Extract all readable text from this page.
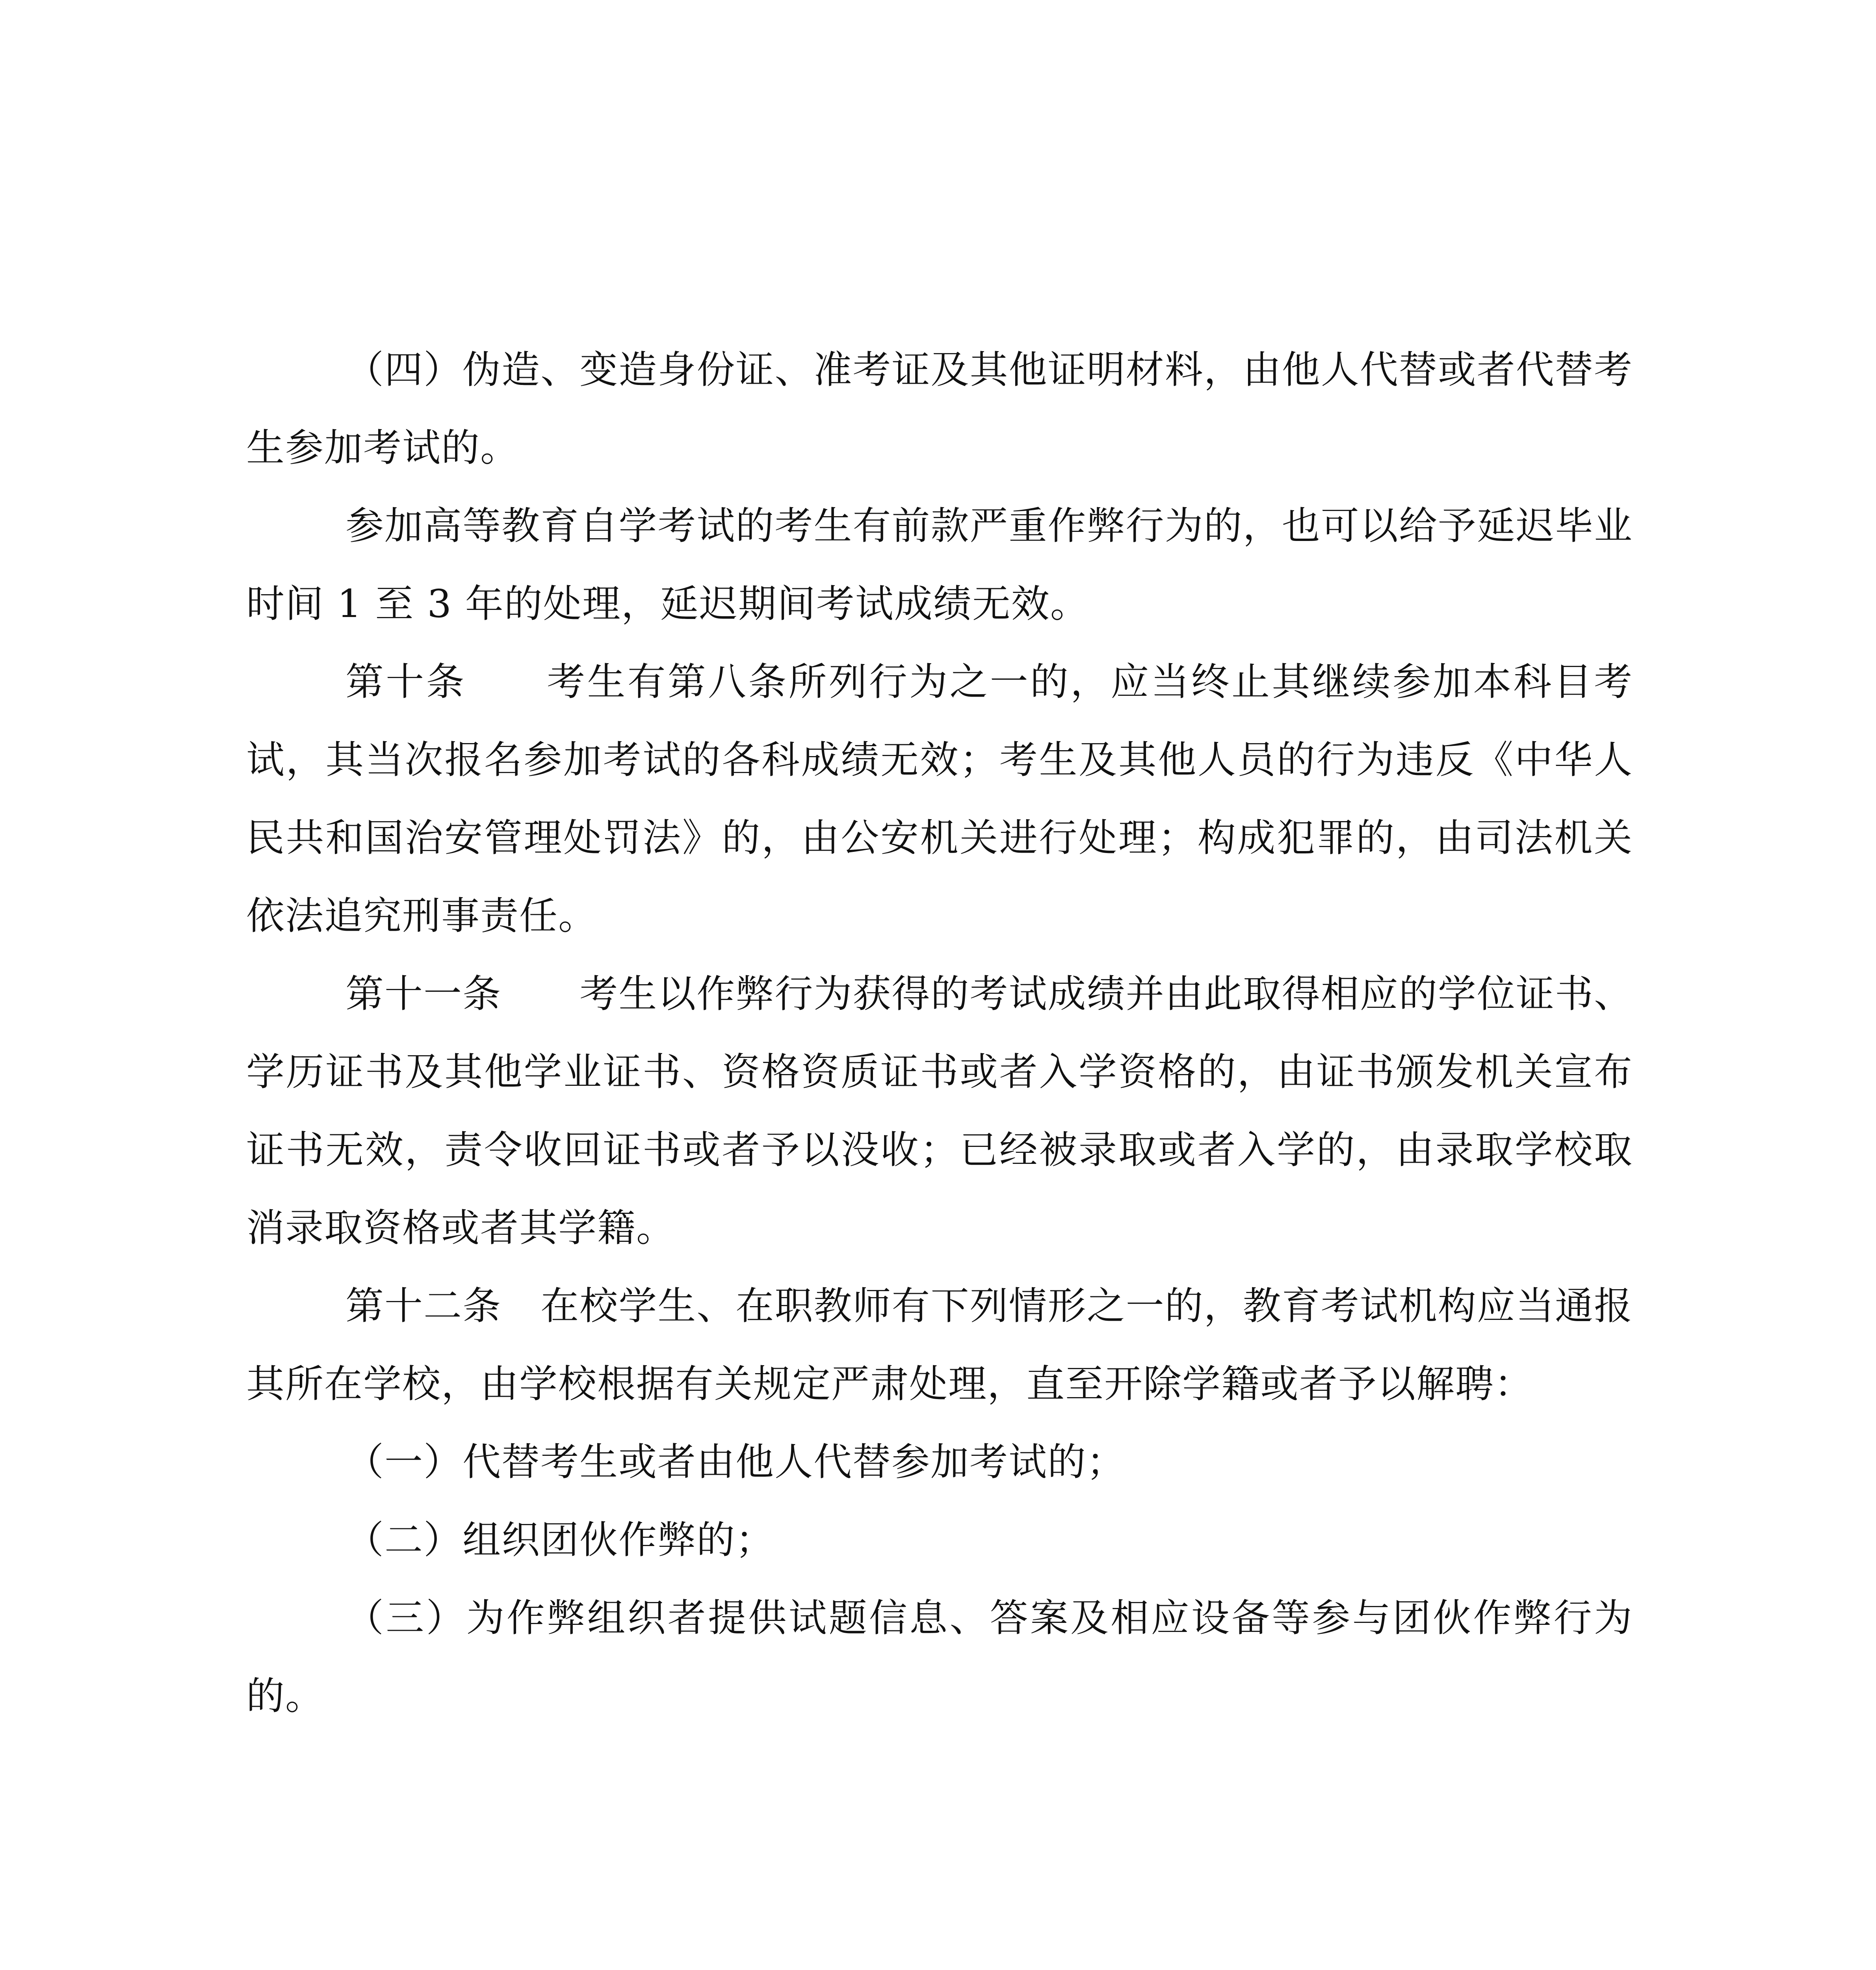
（四）伪造、变造身份证、准考证及其他证明材料，由他人代替或者代替考生参加考试的。

参加高等教育自学考试的考生有前款严重作弊行为的，也可以给予延迟毕业时间 1 至 3 年的处理，延迟期间考试成绩无效。

第十条　　考生有第八条所列行为之一的，应当终止其继续参加本科目考试，其当次报名参加考试的各科成绩无效；考生及其他人员的行为违反《中华人民共和国治安管理处罚法》的，由公安机关进行处理；构成犯罪的，由司法机关依法追究刑事责任。

第十一条　　考生以作弊行为获得的考试成绩并由此取得相应的学位证书、学历证书及其他学业证书、资格资质证书或者入学资格的，由证书颁发机关宣布证书无效，责令收回证书或者予以没收；已经被录取或者入学的，由录取学校取消录取资格或者其学籍。

第十二条　在校学生、在职教师有下列情形之一的，教育考试机构应当通报其所在学校，由学校根据有关规定严肃处理，直至开除学籍或者予以解聘：

（一）代替考生或者由他人代替参加考试的；

（二）组织团伙作弊的；

（三）为作弊组织者提供试题信息、答案及相应设备等参与团伙作弊行为的。
